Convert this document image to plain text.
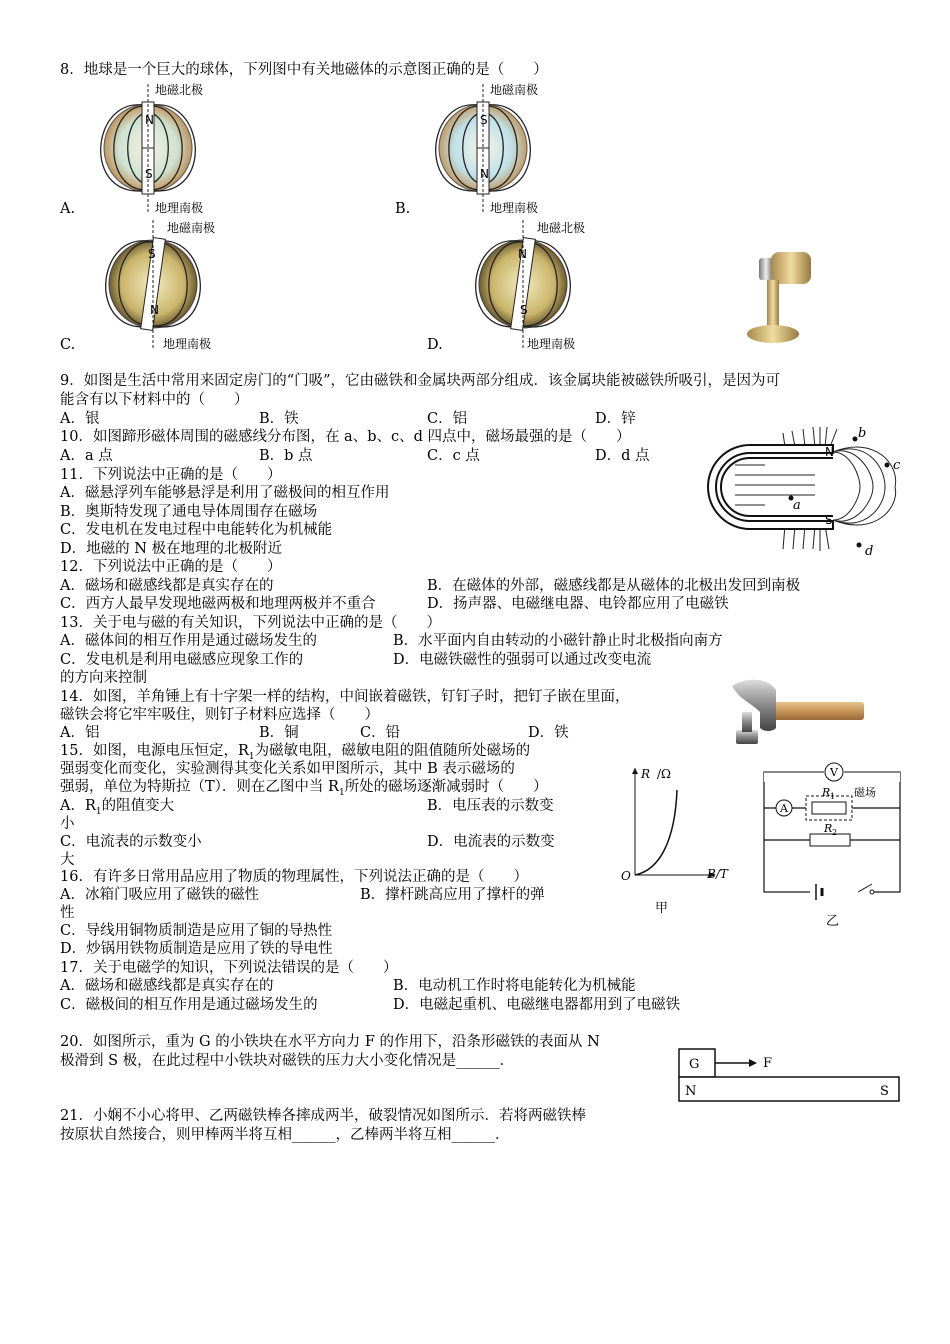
8．地球是一个巨大的球体，下列图中有关地磁体的示意图正确的是（　　）
N
S
地磁北极
地理南极
A.
S
N
地磁南极
地理南极
B.
S
N
地磁南极
地理南极
C.
N
S
地磁北极
地理南极
D.
9．如图是生活中常用来固定房门的“门吸”，它由磁铁和金属块两部分组成．该金属块能被磁铁所吸引，是因为可
能含有以下材料中的（　　）
A．银	B．铁	C．铝	D．锌
10．如图蹄形磁体周围的磁感线分布图，在 a、b、c、d 四点中，磁场最强的是（　　）
A．a 点	B．b 点	C．c 点	D．d 点	N
S
a
b
c
d
11．下列说法中正确的是（　　）
A．磁悬浮列车能够悬浮是利用了磁极间的相互作用
B．奥斯特发现了通电导体周围存在磁场
C．发电机在发电过程中电能转化为机械能
D．地磁的 N 极在地理的北极附近
12．下列说法中正确的是（　　）
A．磁场和磁感线都是真实存在的	B．在磁体的外部，磁感线都是从磁体的北极出发回到南极
C．西方人最早发现地磁两极和地理两极并不重合	D．扬声器、电磁继电器、电铃都应用了电磁铁
13．关于电与磁的有关知识，下列说法中正确的是（　　）
A．磁体间的相互作用是通过磁场发生的	B．水平面内自由转动的小磁针静止时北极指向南方
C．发电机是利用电磁感应现象工作的	D．电磁铁磁性的强弱可以通过改变电流
的方向来控制
14．如图，羊角锤上有十字架一样的结构，中间嵌着磁铁，钉钉子时，把钉子嵌在里面，
磁铁会将它牢牢吸住，则钉子材料应选择（　　）
A．铝	B．铜	C．铅	D．铁
15．如图，电源电压恒定，$R_1$为磁敏电阻，磁敏电阻的阻值随所处磁场的
强弱变化而变化，实验测得其变化关系如甲图所示，其中 B 表示磁场的
强弱，单位为特斯拉（T）．则在乙图中当 $R_1$所处的磁场逐渐减弱时（　　）
A．$R_1$的阻值变大	B．电压表的示数变
小
C．电流表的示数变小	D．电流表的示数变
大
R /Ω
O	B/T
甲
V
A
R 1 磁场
R 2
乙
16．有许多日常用品应用了物质的物理属性，下列说法正确的是（　　）
A．冰箱门吸应用了磁铁的磁性	B．撑杆跳高应用了撑杆的弹
性
C．导线用铜物质制造是应用了铜的导热性
D．炒锅用铁物质制造是应用了铁的导电性
17．关于电磁学的知识，下列说法错误的是（　　）
A．磁场和磁感线都是真实存在的	B．电动机工作时将电能转化为机械能
C．磁极间的相互作用是通过磁场发生的	D．电磁起重机、电磁继电器都用到了电磁铁
20．如图所示，重为 G 的小铁块在水平方向力 F 的作用下，沿条形磁铁的表面从 N
极滑到 S 极，在此过程中小铁块对磁铁的压力大小变化情况是______．	G	F
N	S
21．小娴不小心将甲、乙两磁铁棒各摔成两半，破裂情况如图所示．若将两磁铁棒
按原状自然接合，则甲棒两半将互相______，乙棒两半将互相______．
